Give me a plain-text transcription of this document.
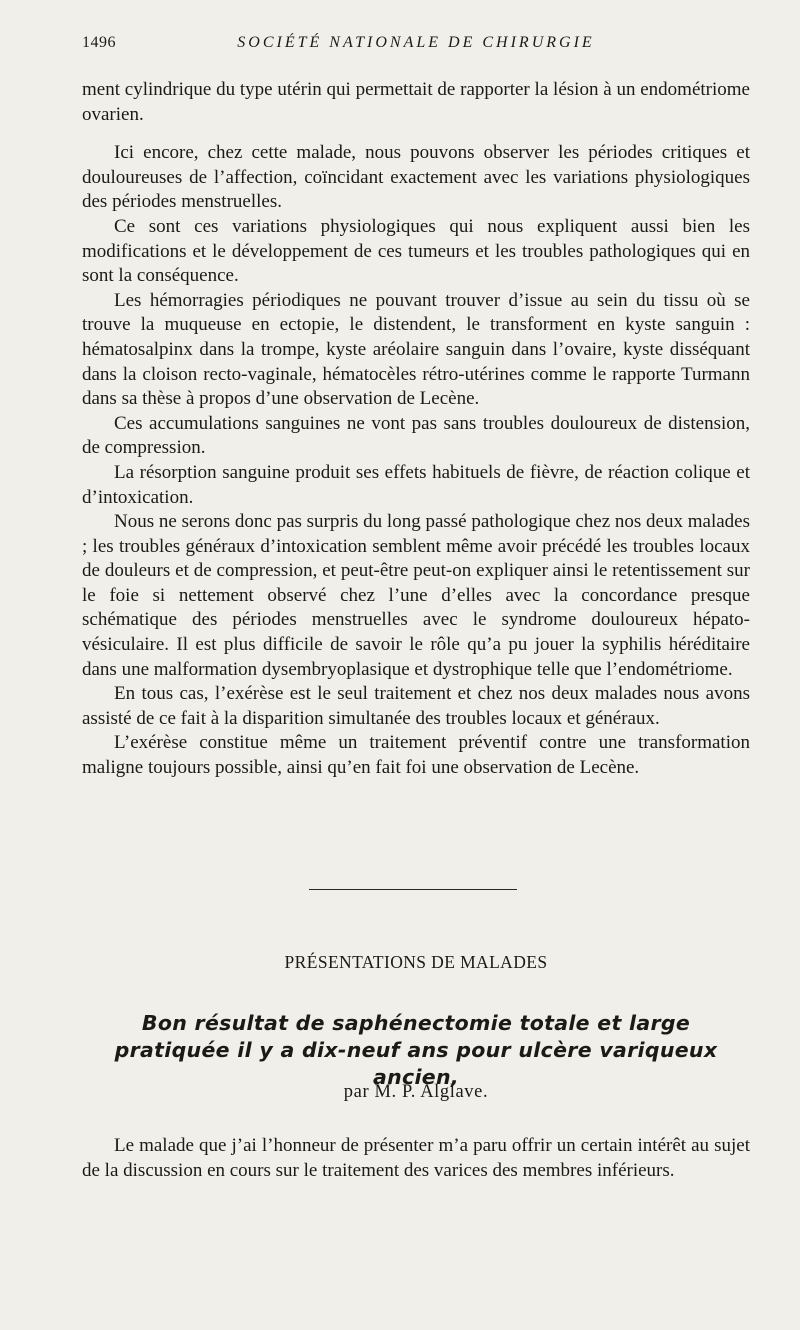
1496	SOCIÉTÉ NATIONALE DE CHIRURGIE

ment cylindrique du type utérin qui permettait de rapporter la lésion à un endométriome ovarien.

Ici encore, chez cette malade, nous pouvons observer les périodes critiques et douloureuses de l’affection, coïncidant exactement avec les variations physiologiques des périodes menstruelles.

Ce sont ces variations physiologiques qui nous expliquent aussi bien les modifications et le développement de ces tumeurs et les troubles pathologiques qui en sont la conséquence.

Les hémorragies périodiques ne pouvant trouver d’issue au sein du tissu où se trouve la muqueuse en ectopie, le distendent, le transforment en kyste sanguin : hématosalpinx dans la trompe, kyste aréolaire sanguin dans l’ovaire, kyste disséquant dans la cloison recto-vaginale, hématocèles rétro-utérines comme le rapporte Turmann dans sa thèse à propos d’une observation de Lecène.

Ces accumulations sanguines ne vont pas sans troubles douloureux de distension, de compression.

La résorption sanguine produit ses effets habituels de fièvre, de réaction colique et d’intoxication.

Nous ne serons donc pas surpris du long passé pathologique chez nos deux malades ; les troubles généraux d’intoxication semblent même avoir précédé les troubles locaux de douleurs et de compression, et peut-être peut-on expliquer ainsi le retentissement sur le foie si nettement observé chez l’une d’elles avec la concordance presque schématique des périodes menstruelles avec le syndrome douloureux hépato-vésiculaire. Il est plus difficile de savoir le rôle qu’a pu jouer la syphilis héréditaire dans une malformation dysembryoplasique et dystrophique telle que l’endométriome.

En tous cas, l’exérèse est le seul traitement et chez nos deux malades nous avons assisté de ce fait à la disparition simultanée des troubles locaux et généraux.

L’exérèse constitue même un traitement préventif contre une transformation maligne toujours possible, ainsi qu’en fait foi une observation de Lecène.

PRÉSENTATIONS DE MALADES
Bon résultat de saphénectomie totale et large
pratiquée il y a dix-neuf ans pour ulcère variqueux ancien,
par M. P. Alglave.

Le malade que j’ai l’honneur de présenter m’a paru offrir un certain intérêt au sujet de la discussion en cours sur le traitement des varices des membres inférieurs.
